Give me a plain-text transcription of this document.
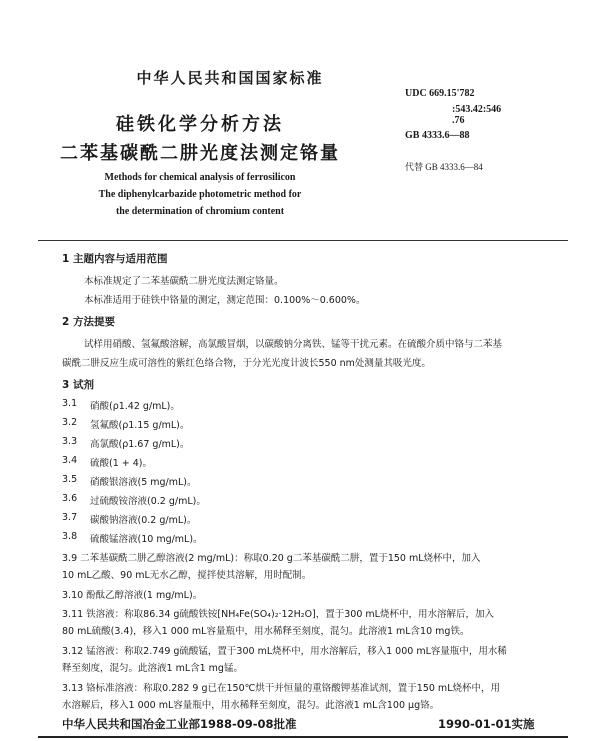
中华人民共和国国家标准
硅铁化学分析方法
二苯基碳酰二肼光度法测定铬量
Methods for chemical analysis of ferrosilicon
The diphenylcarbazide photometric method for
the determination of chromium content
UDC 669.15'782
:543.42:546
.76
GB 4333.6—88
代替 GB 4333.6—84
1 主题内容与适用范围
本标准规定了二苯基碳酰二肼光度法测定铬量。
本标准适用于硅铁中铬量的测定，测定范围：0.100%～0.600%。
2 方法提要
试样用硝酸、氢氟酸溶解，高氯酸冒烟，以碳酸钠分离铁、锰等干扰元素。在硫酸介质中铬与二苯基
碳酰二肼反应生成可溶性的紫红色络合物，于分光光度计波长550 nm处测量其吸光度。
3 试剂
3.1 硝酸(ρ1.42 g/mL)。
3.2 氢氟酸(ρ1.15 g/mL)。
3.3 高氯酸(ρ1.67 g/mL)。
3.4 硫酸(1 + 4)。
3.5 硝酸银溶液(5 mg/mL)。
3.6 过硫酸铵溶液(0.2 g/mL)。
3.7 碳酸钠溶液(0.2 g/mL)。
3.8 硫酸锰溶液(10 mg/mL)。
3.9 二苯基碳酰二肼乙醇溶液(2 mg/mL)：称取0.20 g二苯基碳酰二肼，置于150 mL烧杯中，加入
10 mL乙酸、90 mL无水乙醇，搅拌使其溶解，用时配制。
3.10 酚酞乙醇溶液(1 mg/mL)。
3.11 铁溶液：称取86.34 g硫酸铁铵[NH₄Fe(SO₄)₂·12H₂O]，置于300 mL烧杯中，用水溶解后，加入
80 mL硫酸(3.4)，移入1 000 mL容量瓶中，用水稀释至刻度，混匀。此溶液1 mL含10 mg铁。
3.12 锰溶液：称取2.749 g硫酸锰，置于300 mL烧杯中，用水溶解后，移入1 000 mL容量瓶中，用水稀
释至刻度，混匀。此溶液1 mL含1 mg锰。
3.13 铬标准溶液：称取0.282 9 g已在150℃烘干并恒量的重铬酸钾基准试剂，置于150 mL烧杯中，用
水溶解后，移入1 000 mL容量瓶中，用水稀释至刻度，混匀。此溶液1 mL含100 μg铬。
中华人民共和国冶金工业部1988-09-08批准	1990-01-01实施
